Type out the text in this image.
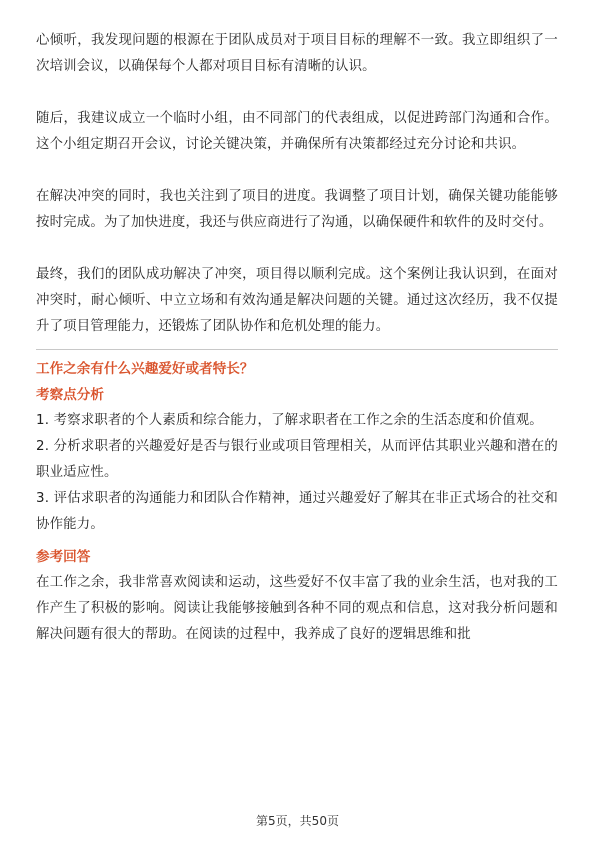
心倾听，我发现问题的根源在于团队成员对于项目目标的理解不一致。我立即组织了一次培训会议，以确保每个人都对项目目标有清晰的认识。

随后，我建议成立一个临时小组，由不同部门的代表组成，以促进跨部门沟通和合作。这个小组定期召开会议，讨论关键决策，并确保所有决策都经过充分讨论和共识。

在解决冲突的同时，我也关注到了项目的进度。我调整了项目计划，确保关键功能能够按时完成。为了加快进度，我还与供应商进行了沟通，以确保硬件和软件的及时交付。

最终，我们的团队成功解决了冲突，项目得以顺利完成。这个案例让我认识到，在面对冲突时，耐心倾听、中立立场和有效沟通是解决问题的关键。通过这次经历，我不仅提升了项目管理能力，还锻炼了团队协作和危机处理的能力。

工作之余有什么兴趣爱好或者特长？

考察点分析

1. 考察求职者的个人素质和综合能力，了解求职者在工作之余的生活态度和价值观。

2. 分析求职者的兴趣爱好是否与银行业或项目管理相关，从而评估其职业兴趣和潜在的职业适应性。

3. 评估求职者的沟通能力和团队合作精神，通过兴趣爱好了解其在非正式场合的社交和协作能力。

参考回答

在工作之余，我非常喜欢阅读和运动，这些爱好不仅丰富了我的业余生活，也对我的工作产生了积极的影响。阅读让我能够接触到各种不同的观点和信息，这对我分析问题和解决问题有很大的帮助。在阅读的过程中，我养成了良好的逻辑思维和批

第5页，共50页
